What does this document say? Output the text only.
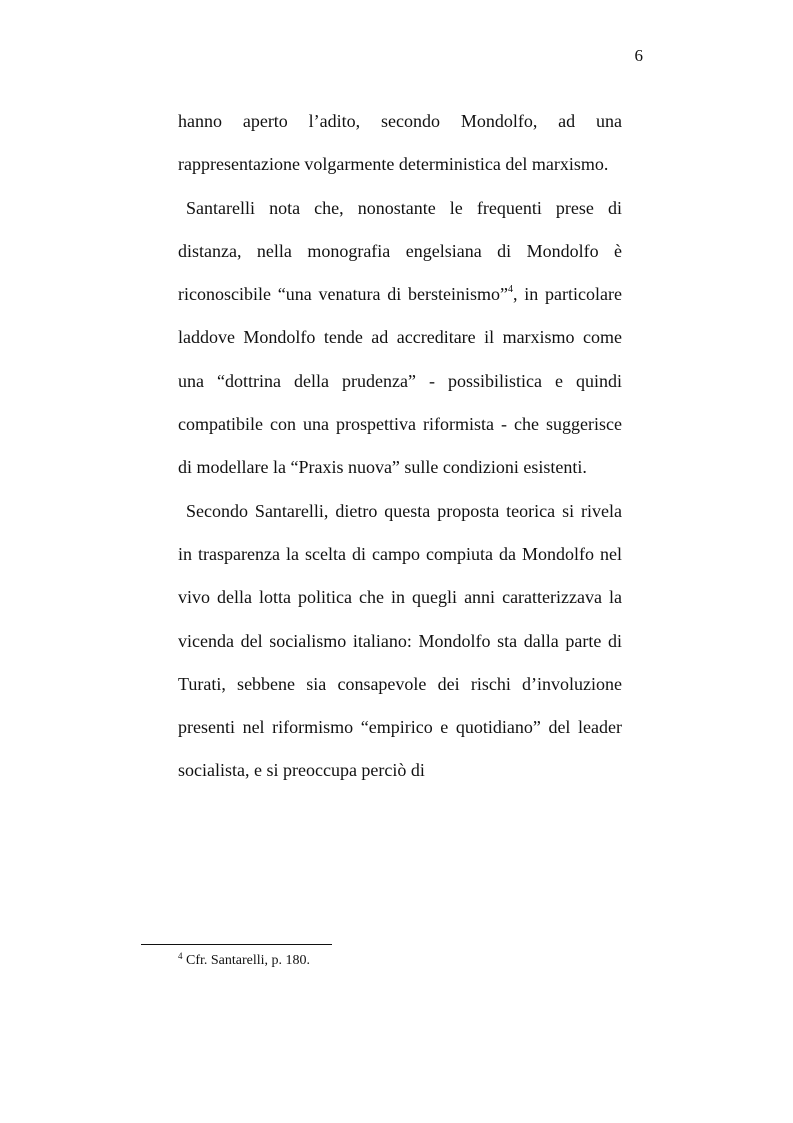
6

hanno aperto l’adito, secondo Mondolfo, ad una rappresentazione volgarmente deterministica del marxismo.

Santarelli nota che, nonostante le frequenti prese di distanza, nella monografia engelsiana di Mondolfo è riconoscibile “una venatura di bersteinismo”$^4$, in particolare laddove Mondolfo tende ad accreditare il marxismo come una “dottrina della prudenza” - possibilistica e quindi compatibile con una prospettiva riformista - che suggerisce di modellare la “Praxis nuova” sulle condizioni esistenti.

Secondo Santarelli, dietro questa proposta teorica si rivela in trasparenza la scelta di campo compiuta da Mondolfo nel vivo della lotta politica che in quegli anni caratterizzava la vicenda del socialismo italiano: Mondolfo sta dalla parte di Turati, sebbene sia consapevole dei rischi d’involuzione presenti nel riformismo “empirico e quotidiano” del leader socialista, e si preoccupa perciò di

$^4$ Cfr. Santarelli, p. 180.
